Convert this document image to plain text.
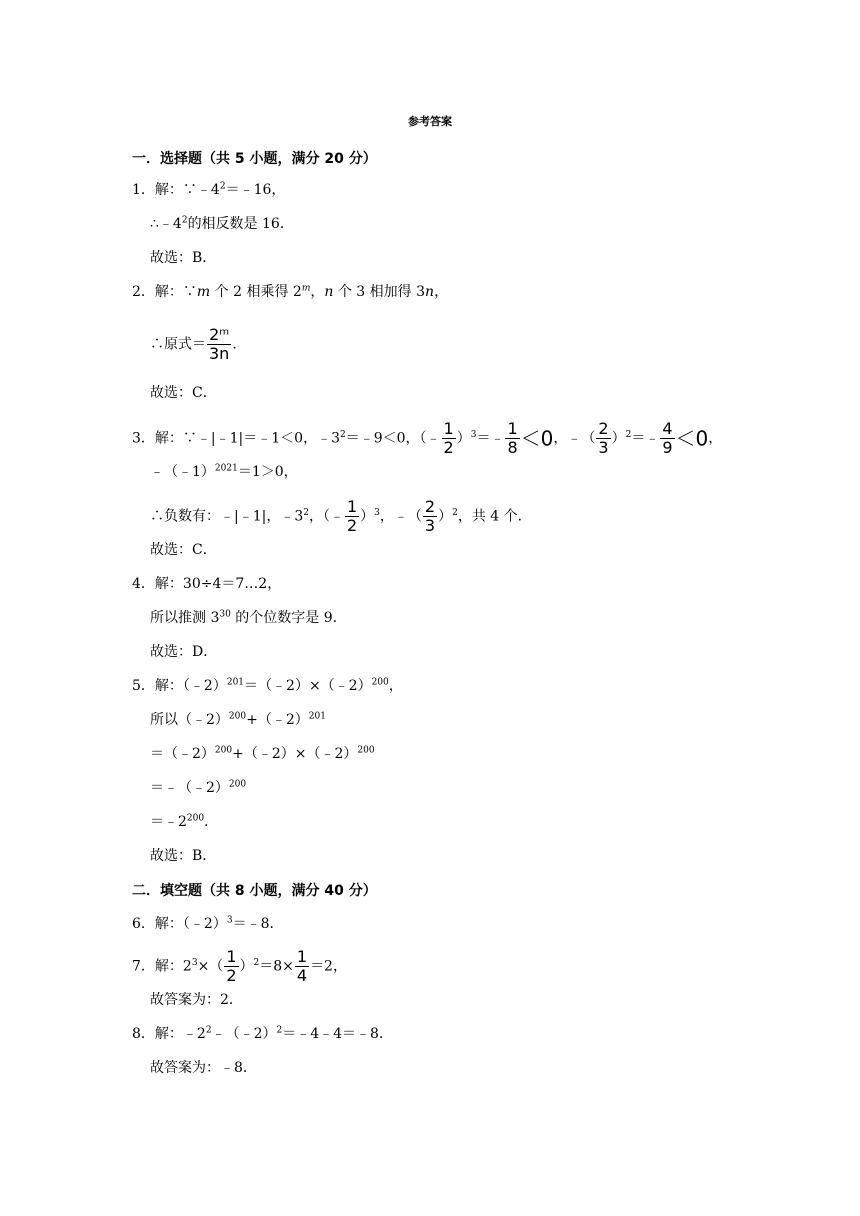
参考答案
一．选择题（共 5 小题，满分 20 分）
1．解：$\because﹣4^2=﹣16$，
$\therefore﹣4^2$的相反数是 16．
故选：B．
2．解：∵m 个 2 相乘得 2$^m$，n 个 3 相加得 3n，
∴原式＝ $\frac{\text{2ᵐ}}{3n}$ ．
故选：C．
3．解：∵﹣|﹣1|＝﹣1＜0，$﹣3^2=﹣9<0$，（﹣ $\frac{1}{2}$ ）$^3$＝﹣ $\frac{1}{8} <0$，﹣（ $\frac{2}{3}$ ）$^2$＝﹣ $\frac{4}{9} <0$，
﹣（﹣1）$^{2021}$＝1＞0，
∴负数有：﹣|﹣1|，$﹣3^2$，（﹣ $\frac{1}{2} )^3$，﹣（ $\frac{2}{3} )^2$，共 4 个．
故选：C．
4．解：30÷4＝7…2，
所以推测 $3^{30}$ 的个位数字是 9．
故选：D．
5．解：（﹣2）$^{201}$＝（﹣2）×（﹣2）$^{200}$，
所以（﹣2）$^{200}$+（﹣2）$^{201}$
＝（﹣2）$^{200}$+（﹣2）×（﹣2）$^{200}$
＝﹣（﹣2）$^{200}$
$=﹣2^{200}$．
故选：B．
二．填空题（共 8 小题，满分 40 分）
6．解：（﹣2）$^3$＝﹣8．
7．解：$2^3\times( \frac{1}{2} )^2=8\times \frac{1}{4} =2$，
故答案为：2．
8．解：$﹣2^2﹣(﹣2)^2=﹣4﹣4=﹣8$．
故答案为：﹣8．
